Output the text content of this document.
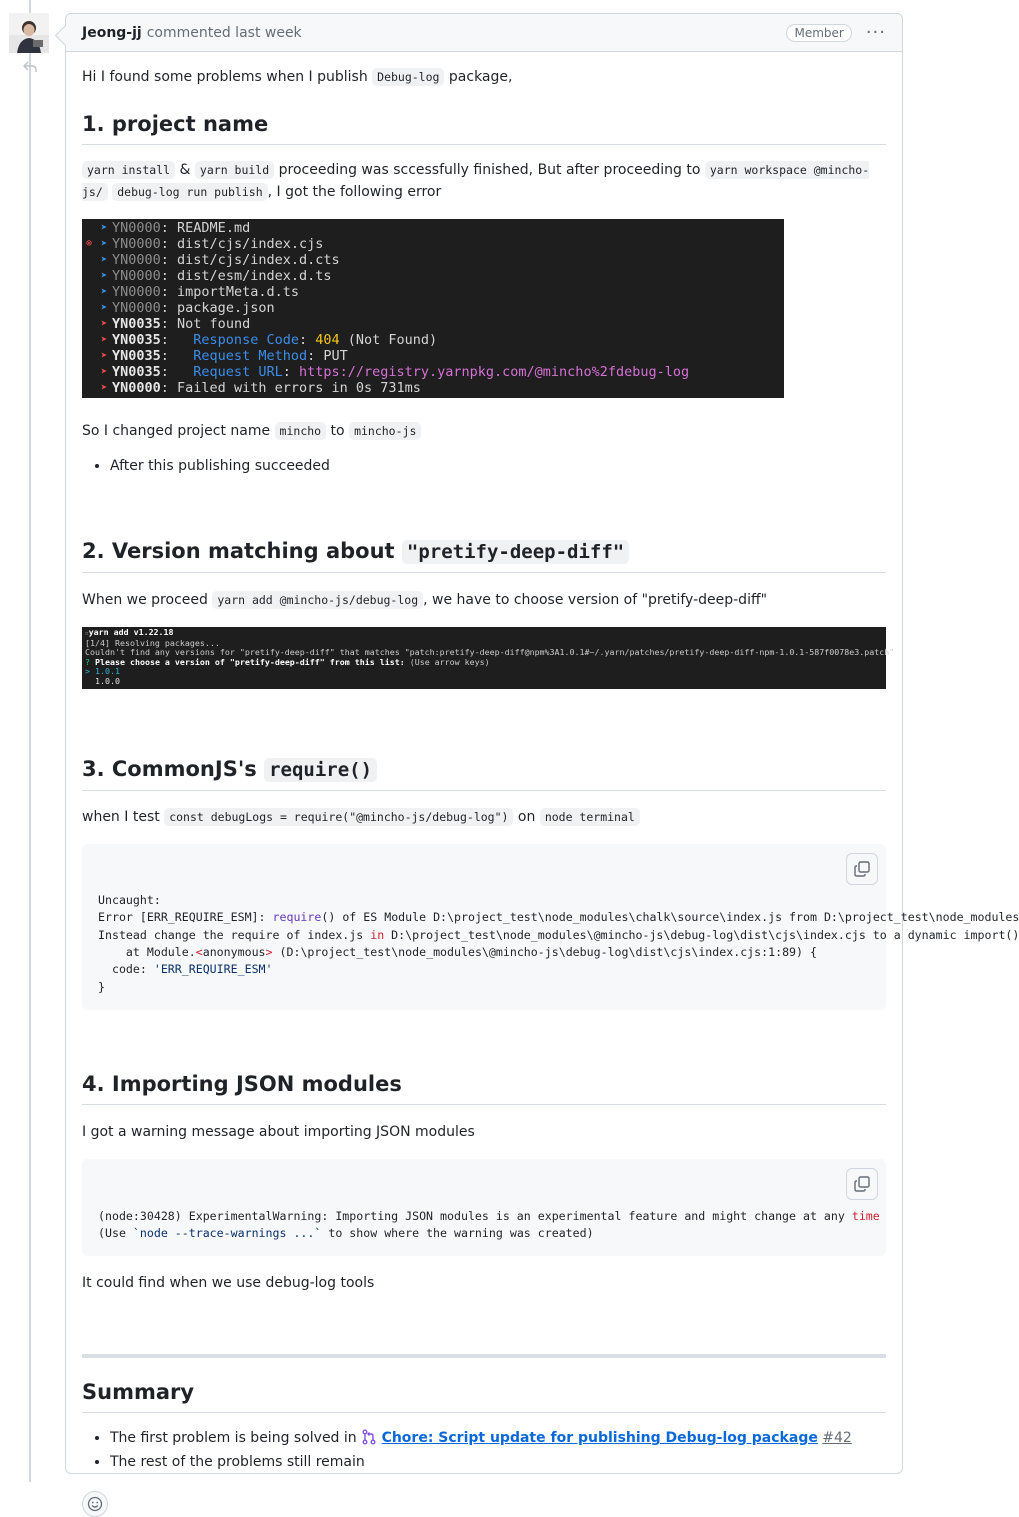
Jeong-jj commented last week	Member	···

Hi I found some problems when I publish Debug-log package,

1. project name

yarn install & yarn build proceeding was sccessfully finished, But after proceeding to yarn workspace @mincho-js/ debug-log run publish , I got the following error

➤ YN0000 : README.md
⊗ ➤ YN0000 : dist/cjs/index.cjs
➤ YN0000 : dist/cjs/index.d.cts
➤ YN0000 : dist/esm/index.d.ts
➤ YN0000 : importMeta.d.ts
➤ YN0000 : package.json
➤ YN0035 : Not found
➤ YN0035 : Response Code : 404 (Not Found)
➤ YN0035 : Request Method : PUT
➤ YN0035 : Request URL : https://registry.yarnpkg.com/@mincho%2fdebug-log
➤ YN0000 : Failed with errors in 0s 731ms

So I changed project name mincho to mincho-js

• After this publishing succeeded
2. Version matching about "pretify-deep-diff"

When we proceed yarn add @mincho-js/debug-log , we have to choose version of "pretify-deep-diff"

▫yarn add v1.22.18
[1/4] Resolving packages...
Couldn't find any versions for "pretify-deep-diff" that matches "patch:pretify-deep-diff@npm%3A1.0.1#~/.yarn/patches/pretify-deep-diff-npm-1.0.1-587f0078e3.patch"
? Please choose a version of "pretify-deep-diff" from this list: (Use arrow keys)
> 1.0.1
1.0.0
3. CommonJS's require()

when I test const debugLogs = require("@mincho-js/debug-log") on node terminal

Uncaught:
Error [ERR_REQUIRE_ESM]: require() of ES Module D:\project_test\node_modules\chalk\source\index.js from D:\project_test\node_modules
Instead change the require of index.js in D:\project_test\node_modules\@mincho-js\debug-log\dist\cjs\index.cjs to a dynamic import()
at Module.<anonymous> (D:\project_test\node_modules\@mincho-js\debug-log\dist\cjs\index.cjs:1:89) {
code: 'ERR_REQUIRE_ESM'
}
4. Importing JSON modules

I got a warning message about importing JSON modules

(node:30428) ExperimentalWarning: Importing JSON modules is an experimental feature and might change at any time
(Use `node --trace-warnings ...` to show where the warning was created)

It could find when we use debug-log tools

Summary
• The first problem is being solved in Chore: Script update for publishing Debug-log package #42
• The rest of the problems still remain
